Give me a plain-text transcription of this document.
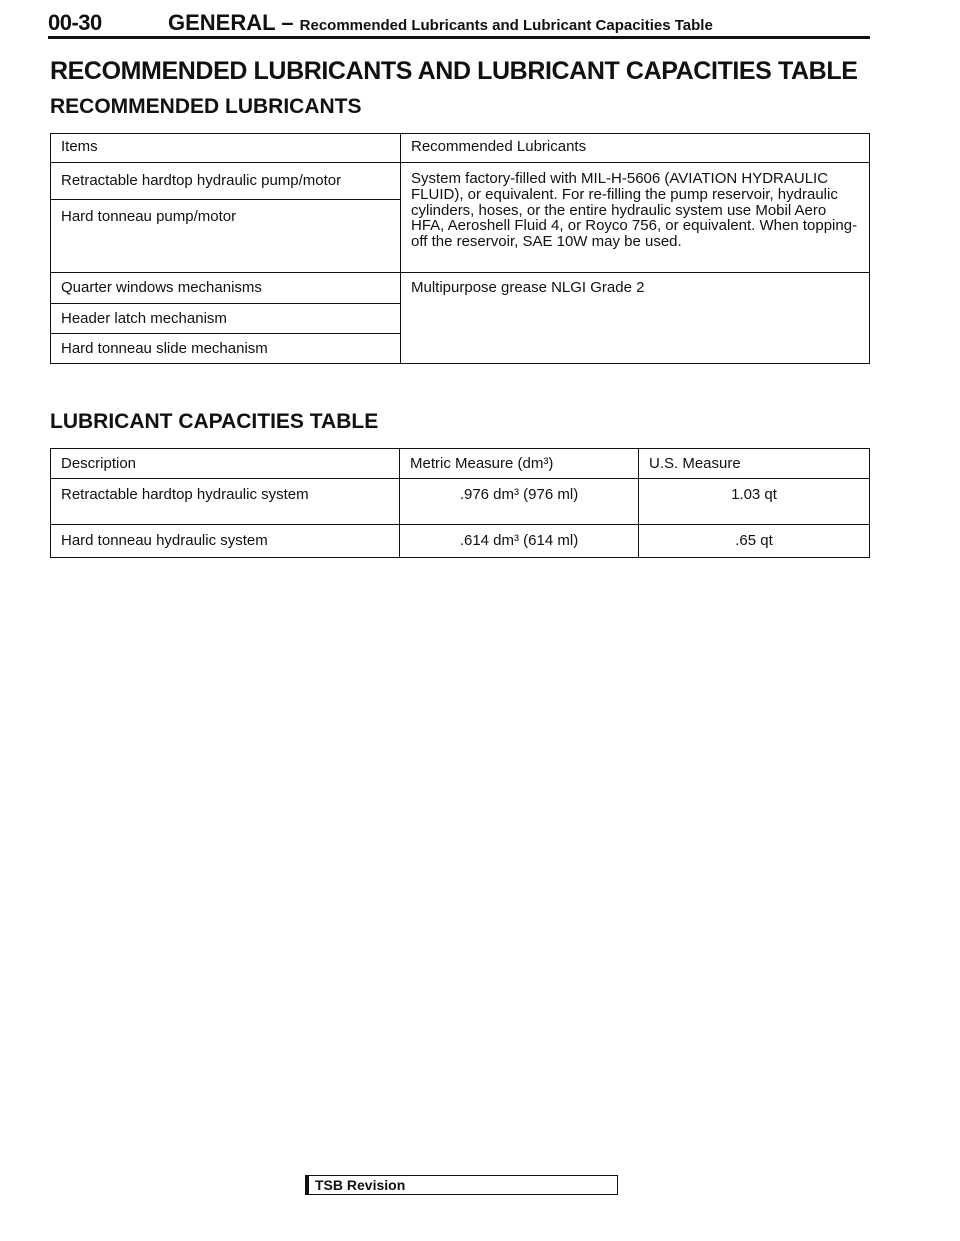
00-30	GENERAL – Recommended Lubricants and Lubricant Capacities Table
RECOMMENDED LUBRICANTS AND LUBRICANT CAPACITIES TABLE
RECOMMENDED LUBRICANTS
Items	Recommended Lubricants
Retractable hardtop hydraulic pump/motor	System factory-filled with MIL-H-5606 (AVIATION HYDRAULIC FLUID), or equivalent. For re-filling the pump reservoir, hydraulic cylinders, hoses, or the entire hydraulic system use Mobil Aero HFA, Aeroshell Fluid 4, or Royco 756, or equivalent. When topping-off the reservoir, SAE 10W may be used.
Hard tonneau pump/motor	
Quarter windows mechanisms	Multipurpose grease NLGI Grade 2
Header latch mechanism	
Hard tonneau slide mechanism	
LUBRICANT CAPACITIES TABLE
Description	Metric Measure (dm³)	U.S. Measure
Retractable hardtop hydraulic system	.976 dm³ (976 ml)	1.03 qt
Hard tonneau hydraulic system	.614 dm³ (614 ml)	.65 qt
TSB Revision
